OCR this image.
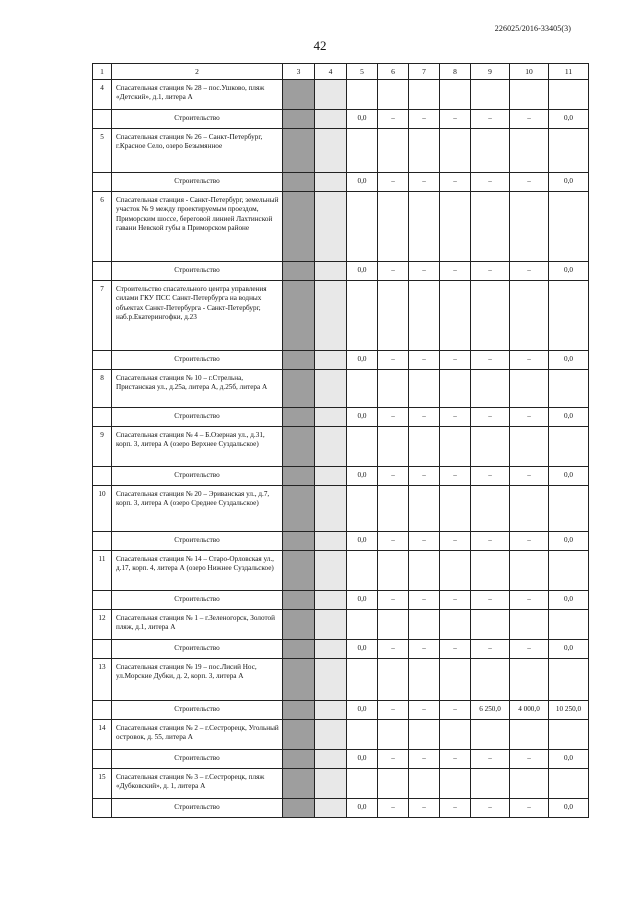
226025/2016-33405(3)
42
1	2	3	4	5	6	7	8	9	10	11
4	Спасательная станция № 28 – пос.Ушково, пляж «Детский», д.1, литера А									
	Строительство			0,0	–	–	–	–	–	0,0
5	Спасательная станция № 26 – Санкт-Петербург, г.Красное Село, озеро Безымянное									
	Строительство			0,0	–	–	–	–	–	0,0
6	Спасательная станция - Санкт-Петербург, земельный участок № 9 между проектируемым проездом, Приморским шоссе, береговой линией Лахтинской гавани Невской губы в Приморском районе									
	Строительство			0,0	–	–	–	–	–	0,0
7	Строительство спасательного центра управления силами ГКУ ПСС Санкт-Петербурга на водных объектах Санкт-Петербурга - Санкт-Петербург, наб.р.Екатерингофки, д.23									
	Строительство			0,0	–	–	–	–	–	0,0
8	Спасательная станция № 10 – г.Стрельна, Пристанская ул., д.25а, литера А, д.25б, литера А									
	Строительство			0,0	–	–	–	–	–	0,0
9	Спасательная станция № 4 – Б.Озерная ул., д.31, корп. 3, литера А (озеро Верхнее Суздальское)									
	Строительство			0,0	–	–	–	–	–	0,0
10	Спасательная станция № 20 – Эриванская ул., д.7, корп. 3, литера А (озеро Среднее Суздальское)									
	Строительство			0,0	–	–	–	–	–	0,0
11	Спасательная станция № 14 – Старо-Орловская ул., д.17, корп. 4, литера А (озеро Нижнее Суздальское)									
	Строительство			0,0	–	–	–	–	–	0,0
12	Спасательная станция № 1 – г.Зеленогорск, Золотой пляж, д.1, литера А									
	Строительство			0,0	–	–	–	–	–	0,0
13	Спасательная станция № 19 – пос.Лисий Нос, ул.Морские Дубки, д. 2, корп. 3, литера А									
	Строительство			0,0	–	–	–	6 250,0	4 000,0	10 250,0
14	Спасательная станция № 2 – г.Сестрорецк, Угольный островок, д. 55, литера А									
	Строительство			0,0	–	–	–	–	–	0,0
15	Спасательная станция № 3 – г.Сестрорецк, пляж «Дубковский», д. 1, литера А									
	Строительство			0,0	–	–	–	–	–	0,0
